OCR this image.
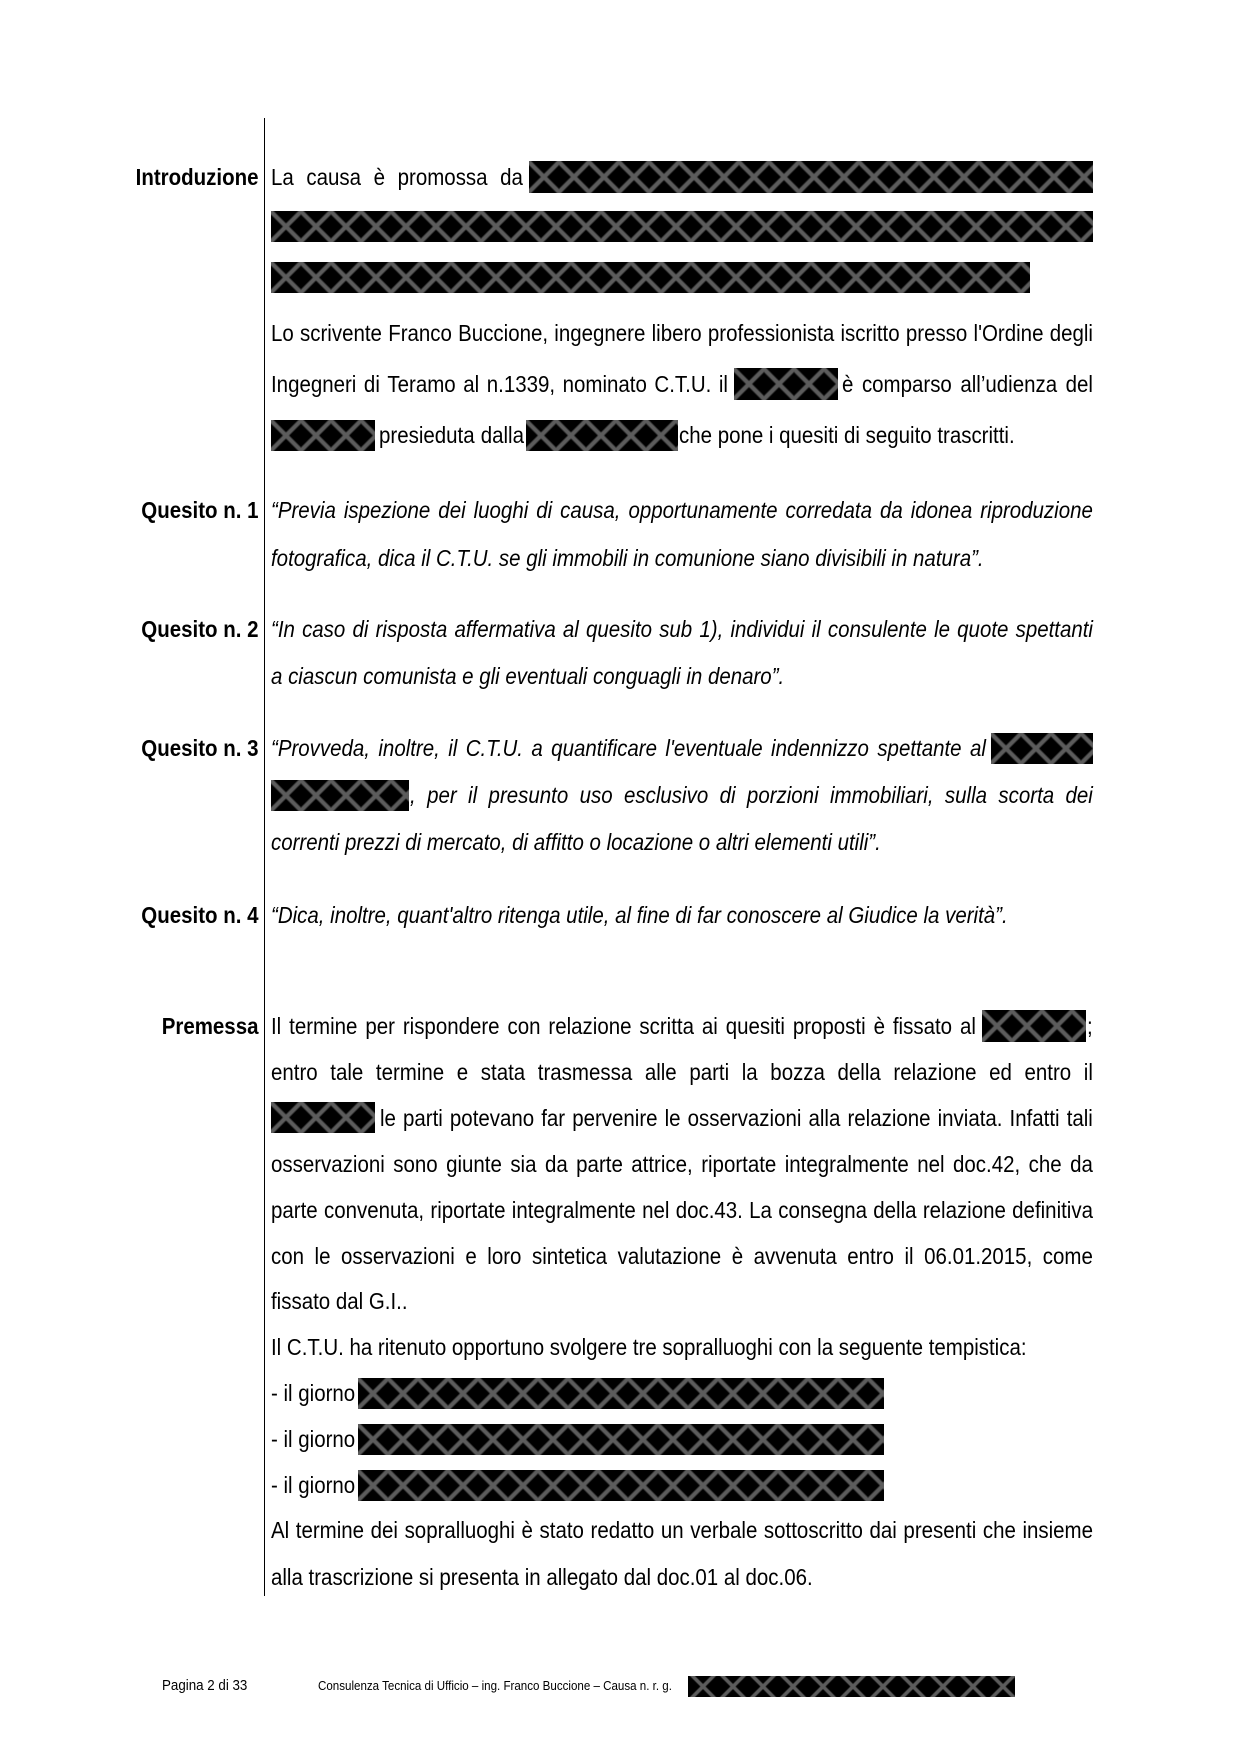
Introduzione La causa è promossa da
Lo scrivente Franco Buccione, ingegnere libero professionista iscritto presso l'Ordine degli
Ingegneri di Teramo al n.1339, nominato C.T.U. il	è comparso all’udienza del
presieduta dalla	che pone i quesiti di seguito trascritti.
Quesito n. 1 “Previa ispezione dei luoghi di causa, opportunamente corredata da idonea riproduzione
fotografica, dica il C.T.U. se gli immobili in comunione siano divisibili in natura”.
Quesito n. 2 “In caso di risposta affermativa al quesito sub 1), individui il consulente le quote spettanti
a ciascun comunista e gli eventuali conguagli in denaro”.
Quesito n. 3 “Provveda, inoltre, il C.T.U. a quantificare l'eventuale indennizzo spettante al
, per il presunto uso esclusivo di porzioni immobiliari, sulla scorta dei
correnti prezzi di mercato, di affitto o locazione o altri elementi utili”.
Quesito n. 4 “Dica, inoltre, quant'altro ritenga utile, al fine di far conoscere al Giudice la verità”.
Premessa Il termine per rispondere con relazione scritta ai quesiti proposti è fissato al	;
entro tale termine e stata trasmessa alle parti la bozza della relazione ed entro il
le parti potevano far pervenire le osservazioni alla relazione inviata. Infatti tali
osservazioni sono giunte sia da parte attrice, riportate integralmente nel doc.42, che da
parte convenuta, riportate integralmente nel doc.43. La consegna della relazione definitiva
con le osservazioni e loro sintetica valutazione è avvenuta entro il 06.01.2015, come
fissato dal G.I..
Il C.T.U. ha ritenuto opportuno svolgere tre sopralluoghi con la seguente tempistica:
- il giorno
- il giorno
- il giorno
Al termine dei sopralluoghi è stato redatto un verbale sottoscritto dai presenti che insieme
alla trascrizione si presenta in allegato dal doc.01 al doc.06.
Pagina 2 di 33	Consulenza Tecnica di Ufficio – ing. Franco Buccione – Causa n. r. g.
